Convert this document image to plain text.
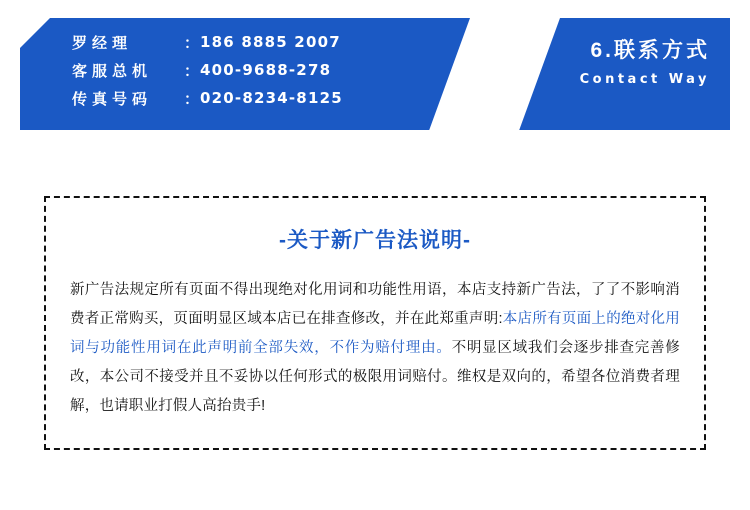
罗经理	： 186 8885 2007
客服总机	： 400-9688-278
传真号码	： 020-8234-8125
6.联系方式
Contact Way
-关于新广告法说明-
新广告法规定所有页面不得出现绝对化用词和功能性用语，本店支持新广告法，了了不影响消费者正常购买，页面明显区域本店已在排查修改，并在此郑重声明:本店所有页面上的绝对化用词与功能性用词在此声明前全部失效，不作为赔付理由。不明显区域我们会逐步排查完善修改，本公司不接受并且不妥协以任何形式的极限用词赔付。维权是双向的，希望各位消费者理解，也请职业打假人高抬贵手!
